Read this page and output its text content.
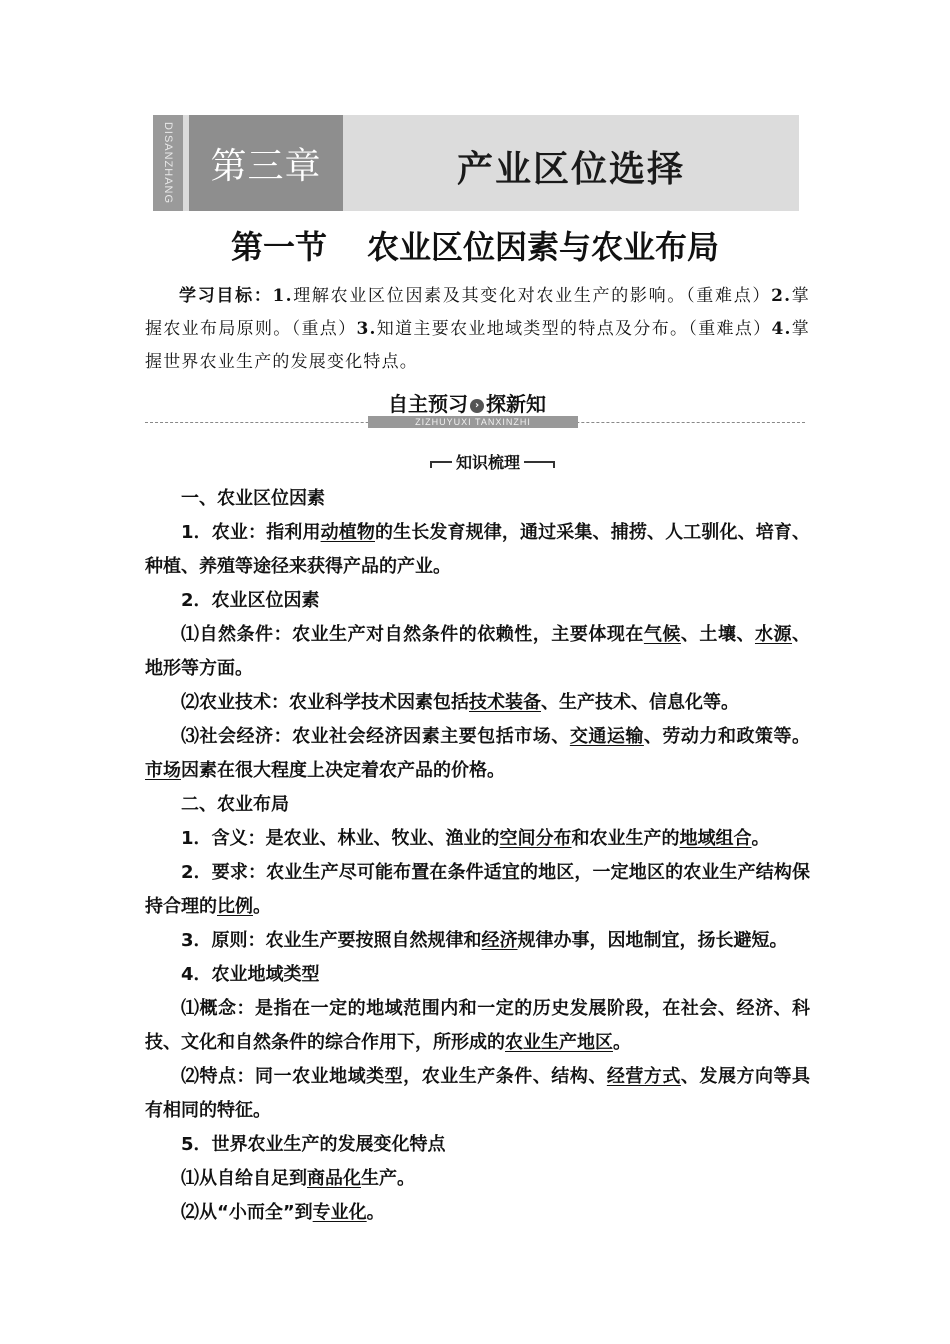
DISANZHANG 第三章	产业区位选择
第一节 农业区位因素与农业布局
学习目标：1.理解农业区位因素及其变化对农业生产的影响。（重难点）2.掌握农业布局原则。（重点）3.知道主要农业地域类型的特点及分布。（重难点）4.掌握世界农业生产的发展变化特点。
自主预习 › 探新知
ZIZHUYUXI TANXINZHI
知识梳理

一、农业区位因素

1．农业：指利用动植物的生长发育规律，通过采集、捕捞、人工驯化、培育、种植、养殖等途径来获得产品的产业。

2．农业区位因素

⑴自然条件：农业生产对自然条件的依赖性，主要体现在气候、土壤、水源、地形等方面。

⑵农业技术：农业科学技术因素包括技术装备、生产技术、信息化等。

⑶社会经济：农业社会经济因素主要包括市场、交通运输、劳动力和政策等。市场因素在很大程度上决定着农产品的价格。

二、农业布局

1．含义：是农业、林业、牧业、渔业的空间分布和农业生产的地域组合。

2．要求：农业生产尽可能布置在条件适宜的地区，一定地区的农业生产结构保持合理的比例。

3．原则：农业生产要按照自然规律和经济规律办事，因地制宜，扬长避短。

4．农业地域类型

⑴概念：是指在一定的地域范围内和一定的历史发展阶段，在社会、经济、科技、文化和自然条件的综合作用下，所形成的农业生产地区。

⑵特点：同一农业地域类型，农业生产条件、结构、经营方式、发展方向等具有相同的特征。

5．世界农业生产的发展变化特点

⑴从自给自足到商品化生产。

⑵从“小而全”到专业化。
